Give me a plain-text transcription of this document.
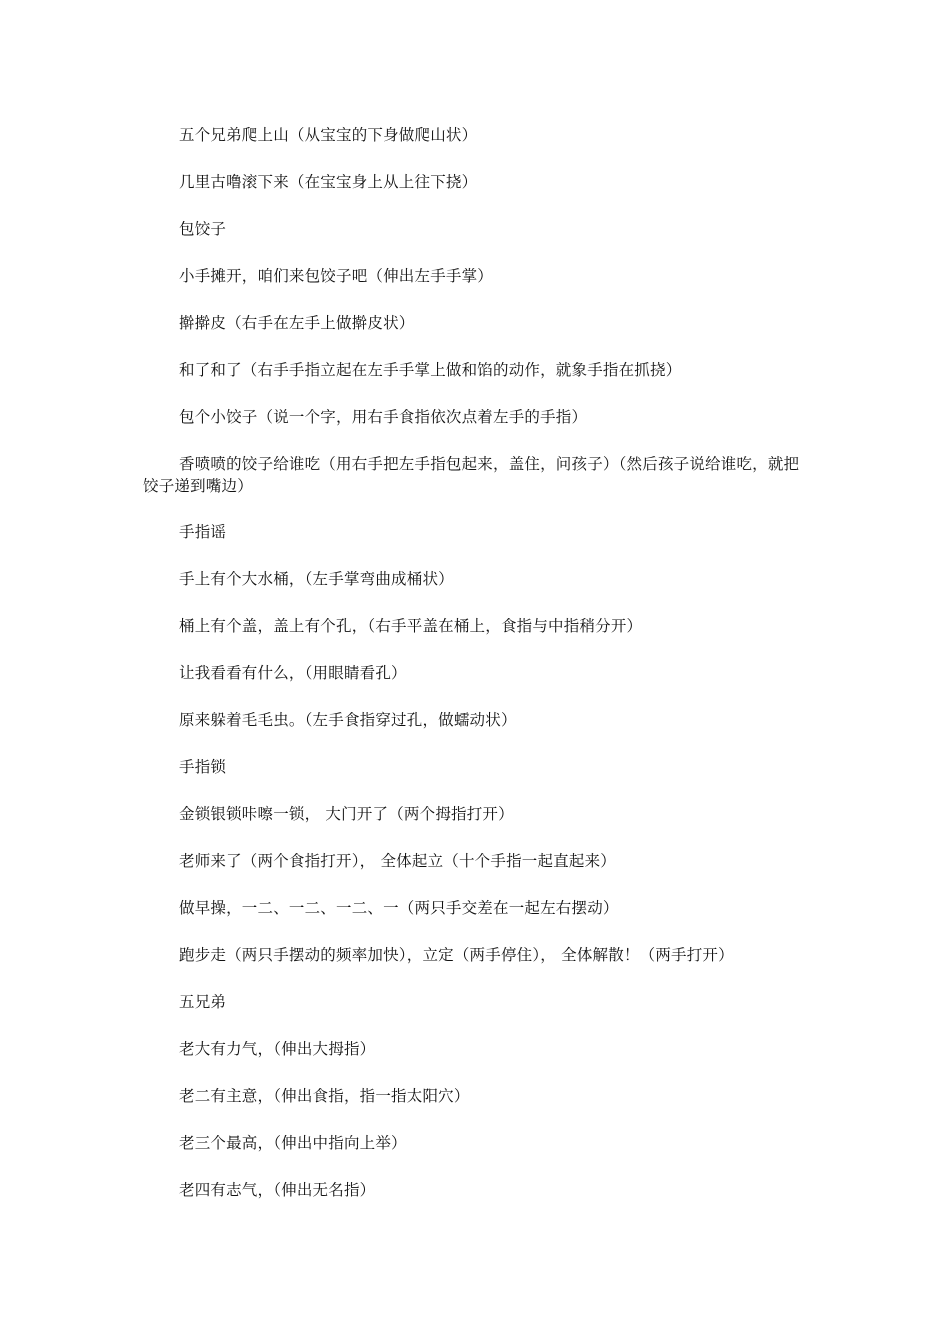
五个兄弟爬上山（从宝宝的下身做爬山状）

几里古噜滚下来（在宝宝身上从上往下挠）

包饺子

小手摊开，咱们来包饺子吧（伸出左手手掌）

擀擀皮（右手在左手上做擀皮状）

和了和了（右手手指立起在左手手掌上做和馅的动作，就象手指在抓挠）

包个小饺子（说一个字，用右手食指依次点着左手的手指）

香喷喷的饺子给谁吃（用右手把左手指包起来，盖住，问孩子）（然后孩子说给谁吃，就把饺子递到嘴边）

手指谣

手上有个大水桶，（左手掌弯曲成桶状）

桶上有个盖，盖上有个孔，（右手平盖在桶上，食指与中指稍分开）

让我看看有什么，（用眼睛看孔）

原来躲着毛毛虫。（左手食指穿过孔，做蠕动状）

手指锁

金锁银锁咔嚓一锁， 大门开了（两个拇指打开）

老师来了（两个食指打开）， 全体起立（十个手指一起直起来）

做早操，一二、一二、一二、一（两只手交差在一起左右摆动）

跑步走（两只手摆动的频率加快），立定（两手停住）， 全体解散！（两手打开）

五兄弟

老大有力气，（伸出大拇指）

老二有主意，（伸出食指，指一指太阳穴）

老三个最高，（伸出中指向上举）

老四有志气，（伸出无名指）
